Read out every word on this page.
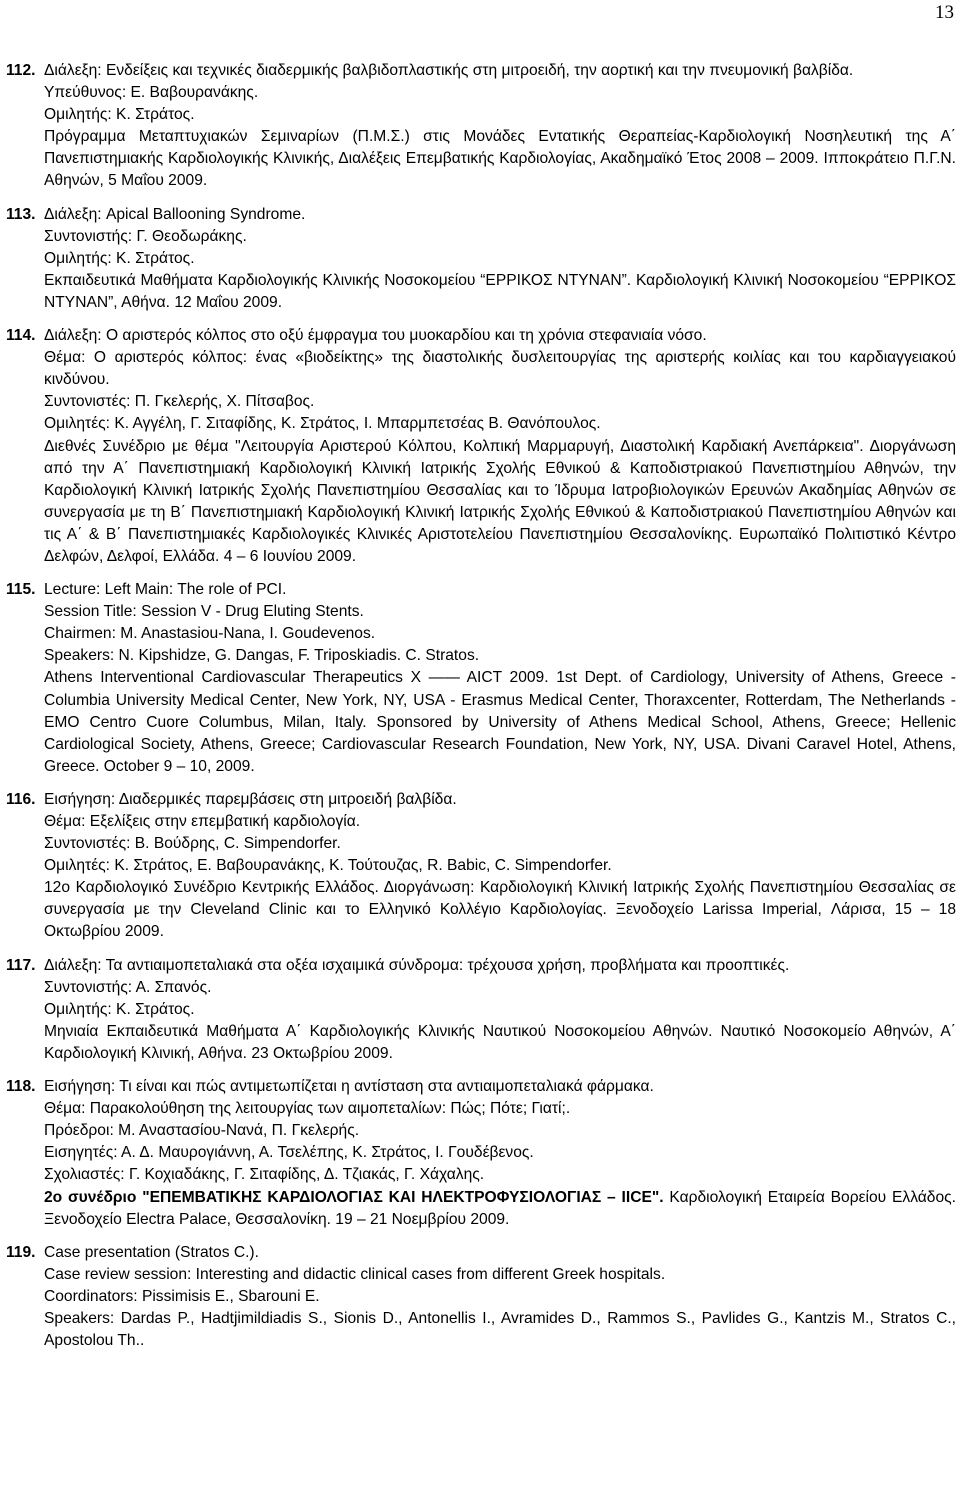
13
112. Διάλεξη: Ενδείξεις και τεχνικές διαδερμικής βαλβιδοπλαστικής στη μιτροειδή, την αορτική και την πνευμονική βαλβίδα.
Υπεύθυνος: Ε. Βαβουρανάκης.
Ομιλητής: Κ. Στράτος.
Πρόγραμμα Μεταπτυχιακών Σεμιναρίων (Π.Μ.Σ.) στις Μονάδες Εντατικής Θεραπείας-Καρδιολογική Νοσηλευτική της Α΄ Πανεπιστημιακής Καρδιολογικής Κλινικής, Διαλέξεις Επεμβατικής Καρδιολογίας, Ακαδημαϊκό Έτος 2008 – 2009. Ιπποκράτειο Π.Γ.Ν. Αθηνών, 5 Μαΐου 2009.
113. Διάλεξη: Apical Ballooning Syndrome.
Συντονιστής: Γ. Θεοδωράκης.
Ομιλητής: Κ. Στράτος.
Εκπαιδευτικά Μαθήματα Καρδιολογικής Κλινικής Νοσοκομείου “ΕΡΡΙΚΟΣ ΝΤΥΝΑΝ”. Καρδιολογική Κλινική Νοσοκομείου “ΕΡΡΙΚΟΣ ΝΤΥΝΑΝ”, Αθήνα. 12 Μαΐου 2009.
114. Διάλεξη: Ο αριστερός κόλπος στο οξύ έμφραγμα του μυοκαρδίου και τη χρόνια στεφανιαία νόσο.
Θέμα: Ο αριστερός κόλπος: ένας «βιοδείκτης» της διαστολικής δυσλειτουργίας της αριστερής κοιλίας και του καρδιαγγειακού κινδύνου.
Συντονιστές: Π. Γκελερής, Χ. Πίτσαβος.
Ομιλητές: Κ. Αγγέλη, Γ. Σιταφίδης, Κ. Στράτος, Ι. Μπαρμπετσέας Β. Θανόπουλος.
Διεθνές Συνέδριο με θέμα "Λειτουργία Αριστερού Κόλπου, Κολπική Μαρμαρυγή, Διαστολική Καρδιακή Ανεπάρκεια". Διοργάνωση από την Α΄ Πανεπιστημιακή Καρδιολογική Κλινική Ιατρικής Σχολής Εθνικού & Καποδιστριακού Πανεπιστημίου Αθηνών, την Καρδιολογική Κλινική Ιατρικής Σχολής Πανεπιστημίου Θεσσαλίας και το Ίδρυμα Ιατροβιολογικών Ερευνών Ακαδημίας Αθηνών σε συνεργασία με τη Β΄ Πανεπιστημιακή Καρδιολογική Κλινική Ιατρικής Σχολής Εθνικού & Καποδιστριακού Πανεπιστημίου Αθηνών και τις Α΄ & Β΄ Πανεπιστημιακές Καρδιολογικές Κλινικές Αριστοτελείου Πανεπιστημίου Θεσσαλονίκης. Ευρωπαϊκό Πολιτιστικό Κέντρο Δελφών, Δελφοί, Ελλάδα. 4 – 6 Ιουνίου 2009.
115. Lecture: Left Main: The role of PCI.
Session Title: Session V - Drug Eluting Stents.
Chairmen: M. Anastasiou-Nana, I. Goudevenos.
Speakers: N. Kipshidze, G. Dangas, F. Triposkiadis. C. Stratos.
Athens Interventional Cardiovascular Therapeutics X —— AICT 2009. 1st Dept. of Cardiology, University of Athens, Greece - Columbia University Medical Center, New York, NY, USA - Erasmus Medical Center, Thoraxcenter, Rotterdam, The Netherlands - EMO Centro Cuore Columbus, Milan, Italy. Sponsored by University of Athens Medical School, Athens, Greece; Hellenic Cardiological Society, Athens, Greece; Cardiovascular Research Foundation, New York, NY, USA. Divani Caravel Hotel, Athens, Greece. October 9 – 10, 2009.
116. Εισήγηση: Διαδερμικές παρεμβάσεις στη μιτροειδή βαλβίδα.
Θέμα: Εξελίξεις στην επεμβατική καρδιολογία.
Συντονιστές: Β. Βούδρης, C. Simpendorfer.
Ομιλητές: Κ. Στράτος, Ε. Βαβουρανάκης, Κ. Τούτουζας, R. Babic, C. Simpendorfer.
12ο Καρδιολογικό Συνέδριο Κεντρικής Ελλάδος. Διοργάνωση: Καρδιολογική Κλινική Ιατρικής Σχολής Πανεπιστημίου Θεσσαλίας σε συνεργασία με την Cleveland Clinic και το Ελληνικό Κολλέγιο Καρδιολογίας. Ξενοδοχείο Larissa Imperial, Λάρισα, 15 – 18 Οκτωβρίου 2009.
117. Διάλεξη: Τα αντιαιμοπεταλιακά στα οξέα ισχαιμικά σύνδρομα: τρέχουσα χρήση, προβλήματα και προοπτικές.
Συντονιστής: Α. Σπανός.
Ομιλητής: Κ. Στράτος.
Μηνιαία Εκπαιδευτικά Μαθήματα Α΄ Καρδιολογικής Κλινικής Ναυτικού Νοσοκομείου Αθηνών. Ναυτικό Νοσοκομείο Αθηνών, Α΄ Καρδιολογική Κλινική, Αθήνα. 23 Οκτωβρίου 2009.
118. Εισήγηση: Τι είναι και πώς αντιμετωπίζεται η αντίσταση στα αντιαιμοπεταλιακά φάρμακα.
Θέμα: Παρακολούθηση της λειτουργίας των αιμοπεταλίων: Πώς; Πότε; Γιατί;.
Πρόεδροι: Μ. Αναστασίου-Νανά, Π. Γκελερής.
Εισηγητές: Α. Δ. Μαυρογιάννη, Α. Τσελέπης, Κ. Στράτος, Ι. Γουδέβενος.
Σχολιαστές: Γ. Κοχιαδάκης, Γ. Σιταφίδης, Δ. Τζιακάς, Γ. Χάχαλης.
2ο συνέδριο "ΕΠΕΜΒΑΤΙΚΗΣ ΚΑΡΔΙΟΛΟΓΙΑΣ ΚΑΙ ΗΛΕΚΤΡΟΦΥΣΙΟΛΟΓΙΑΣ – IICE". Καρδιολογική Εταιρεία Βορείου Ελλάδος. Ξενοδοχείο Electra Palace, Θεσσαλονίκη. 19 – 21 Νοεμβρίου 2009.
119. Case presentation (Stratos C.).
Case review session: Interesting and didactic clinical cases from different Greek hospitals.
Coordinators: Pissimisis E., Sbarouni E.
Speakers: Dardas P., Hadtjimildiadis S., Sionis D., Antonellis I., Avramides D., Rammos S., Pavlides G., Kantzis M., Stratos C., Apostolou Th..
